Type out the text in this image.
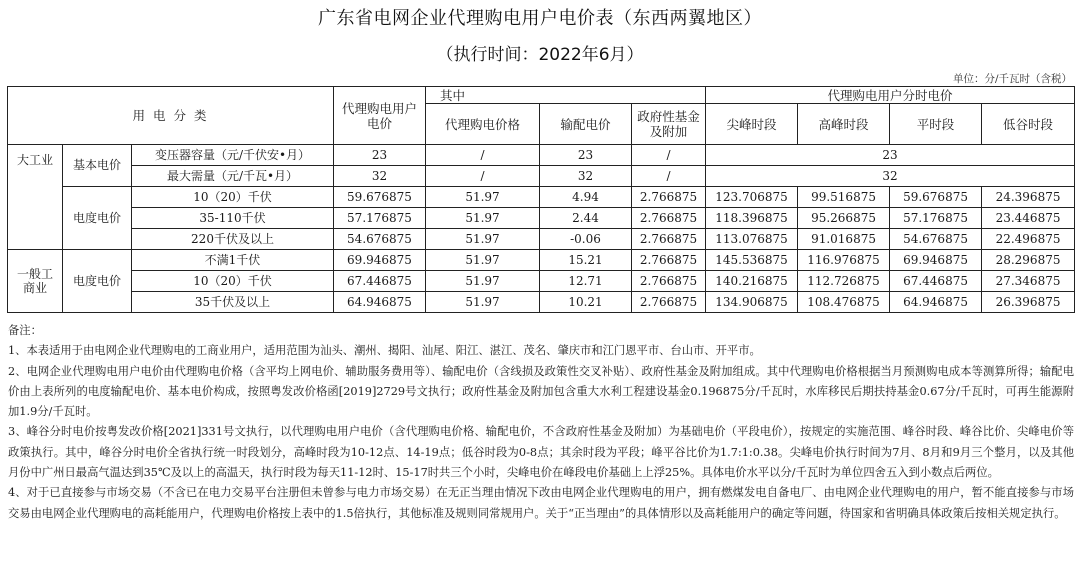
广东省电网企业代理购电用户电价表（东西两翼地区）
（执行时间：2022年6月）
单位：分/千瓦时（含税）
用 电 分 类			代理购电用户电价	其中			代理购电用户分时电价			
				代理购电价格	输配电价	政府性基金及附加	尖峰时段	高峰时段	平时段	低谷时段
大工业	基本电价	变压器容量（元/千伏安•月）	23	/	23	/	23			
		最大需量（元/千瓦•月）	32	/	32	/	32			
	电度电价	10（20）千伏	59.676875	51.97	4.94	2.766875	123.706875	99.516875	59.676875	24.396875
		35-110千伏	57.176875	51.97	2.44	2.766875	118.396875	95.266875	57.176875	23.446875
		220千伏及以上	54.676875	51.97	-0.06	2.766875	113.076875	91.016875	54.676875	22.496875
一般工商业	电度电价	不满1千伏	69.946875	51.97	15.21	2.766875	145.536875	116.976875	69.946875	28.296875
		10（20）千伏	67.446875	51.97	12.71	2.766875	140.216875	112.726875	67.446875	27.346875
		35千伏及以上	64.946875	51.97	10.21	2.766875	134.906875	108.476875	64.946875	26.396875

备注：

1、本表适用于由电网企业代理购电的工商业用户，适用范围为汕头、潮州、揭阳、汕尾、阳江、湛江、茂名、肇庆市和江门恩平市、台山市、开平市。

2、电网企业代理购电用户电价由代理购电价格（含平均上网电价、辅助服务费用等）、输配电价（含线损及政策性交叉补贴）、政府性基金及附加组成。其中代理购电价格根据当月预测购电成本等测算所得；输配电价由上表所列的电度输配电价、基本电价构成，按照粤发改价格函[2019]2729号文执行；政府性基金及附加包含重大水利工程建设基金0.196875分/千瓦时，水库移民后期扶持基金0.67分/千瓦时，可再生能源附加1.9分/千瓦时。

3、峰谷分时电价按粤发改价格[2021]331号文执行，以代理购电用户电价（含代理购电价格、输配电价，不含政府性基金及附加）为基础电价（平段电价），按规定的实施范围、峰谷时段、峰谷比价、尖峰电价等政策执行。其中，峰谷分时电价全省执行统一时段划分，高峰时段为10-12点、14-19点；低谷时段为0-8点；其余时段为平段；峰平谷比价为1.7:1:0.38。尖峰电价执行时间为7月、8月和9月三个整月，以及其他月份中广州日最高气温达到35℃及以上的高温天，执行时段为每天11-12时、15-17时共三个小时，尖峰电价在峰段电价基础上上浮25%。具体电价水平以分/千瓦时为单位四舍五入到小数点后两位。

4、对于已直接参与市场交易（不含已在电力交易平台注册但未曾参与电力市场交易）在无正当理由情况下改由电网企业代理购电的用户，拥有燃煤发电自备电厂、由电网企业代理购电的用户，暂不能直接参与市场交易由电网企业代理购电的高耗能用户，代理购电价格按上表中的1.5倍执行，其他标准及规则同常规用户。关于“正当理由”的具体情形以及高耗能用户的确定等问题，待国家和省明确具体政策后按相关规定执行。
